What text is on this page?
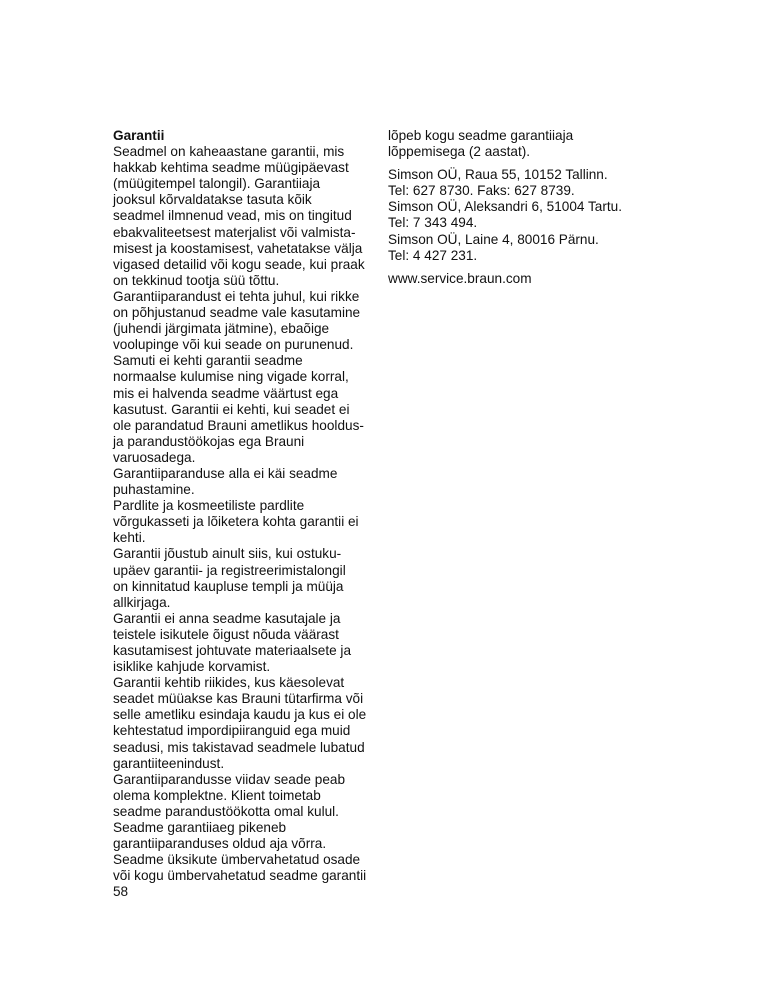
Garantii

Seadmel on kaheaastane garantii, mis
hakkab kehtima seadme müügipäevast
(müügitempel talongil). Garantiiaja
jooksul kõrvaldatakse tasuta kõik
seadmel ilmnenud vead, mis on tingitud
ebakvaliteetsest materjalist või valmista-
misest ja koostamisest, vahetatakse välja
vigased detailid või kogu seade, kui praak
on tekkinud tootja süü tõttu.
Garantiiparandust ei tehta juhul, kui rikke
on põhjustanud seadme vale kasutamine
(juhendi järgimata jätmine), ebaõige
voolupinge või kui seade on purunenud.
Samuti ei kehti garantii seadme
normaalse kulumise ning vigade korral,
mis ei halvenda seadme väärtust ega
kasutust. Garantii ei kehti, kui seadet ei
ole parandatud Brauni ametlikus hooldus-
ja parandustöökojas ega Brauni
varuosadega.
Garantiiparanduse alla ei käi seadme
puhastamine.
Pardlite ja kosmeetiliste pardlite
võrgukasseti ja lõiketera kohta garantii ei
kehti.
Garantii jõustub ainult siis, kui ostuku-
upäev garantii- ja registreerimistalongil
on kinnitatud kaupluse templi ja müüja
allkirjaga.
Garantii ei anna seadme kasutajale ja
teistele isikutele õigust nõuda väärast
kasutamisest johtuvate materiaalsete ja
isiklike kahjude korvamist.
Garantii kehtib riikides, kus käesolevat
seadet müüakse kas Brauni tütarfirma või
selle ametliku esindaja kaudu ja kus ei ole
kehtestatud impordipiiranguid ega muid
seadusi, mis takistavad seadmele lubatud
garantiiteenindust.
Garantiiparandusse viidav seade peab
olema komplektne. Klient toimetab
seadme parandustöökotta omal kulul.
Seadme garantiiaeg pikeneb
garantiiparanduses oldud aja võrra.
Seadme üksikute ümbervahetatud osade
või kogu ümbervahetatud seadme garantii
lõpeb kogu seadme garantiiaja
lõppemisega (2 aastat).
Simson OÜ, Raua 55, 10152 Tallinn.
Tel: 627 8730. Faks: 627 8739.
Simson OÜ, Aleksandri 6, 51004 Tartu.
Tel: 7 343 494.
Simson OÜ, Laine 4, 80016 Pärnu.
Tel: 4 427 231.
www.service.braun.com
58
